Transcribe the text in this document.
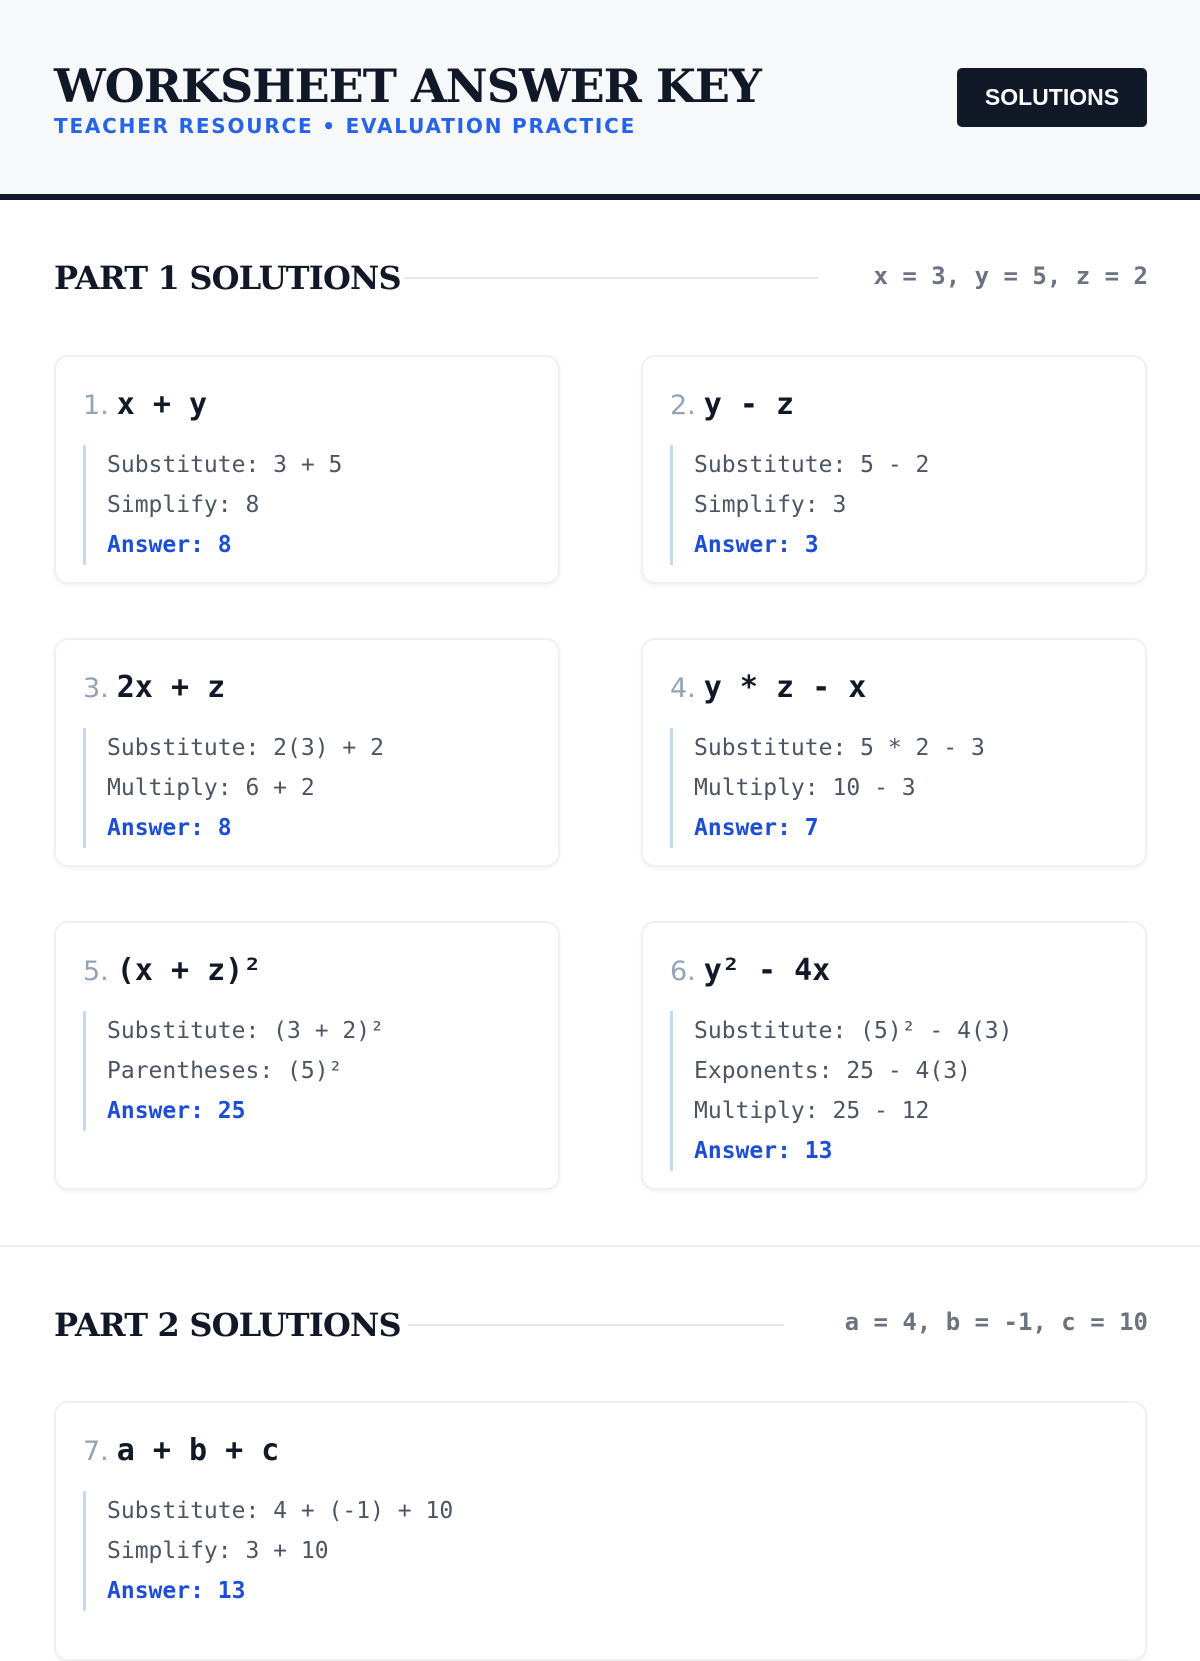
WORKSHEET ANSWER KEY
TEACHER RESOURCE • EVALUATION PRACTICE
SOLUTIONS
PART 1 SOLUTIONS	x = 3, y = 5, z = 2
1. x + y
Substitute: 3 + 5
Simplify: 8
Answer: 8
2. y - z
Substitute: 5 - 2
Simplify: 3
Answer: 3
3. 2x + z
Substitute: 2(3) + 2
Multiply: 6 + 2
Answer: 8
4. y * z - x
Substitute: 5 * 2 - 3
Multiply: 10 - 3
Answer: 7
5. (x + z)²
Substitute: (3 + 2)²
Parentheses: (5)²
Answer: 25
6. y² - 4x
Substitute: (5)² - 4(3)
Exponents: 25 - 4(3)
Multiply: 25 - 12
Answer: 13
PART 2 SOLUTIONS	a = 4, b = -1, c = 10
7. a + b + c
Substitute: 4 + (-1) + 10
Simplify: 3 + 10
Answer: 13
